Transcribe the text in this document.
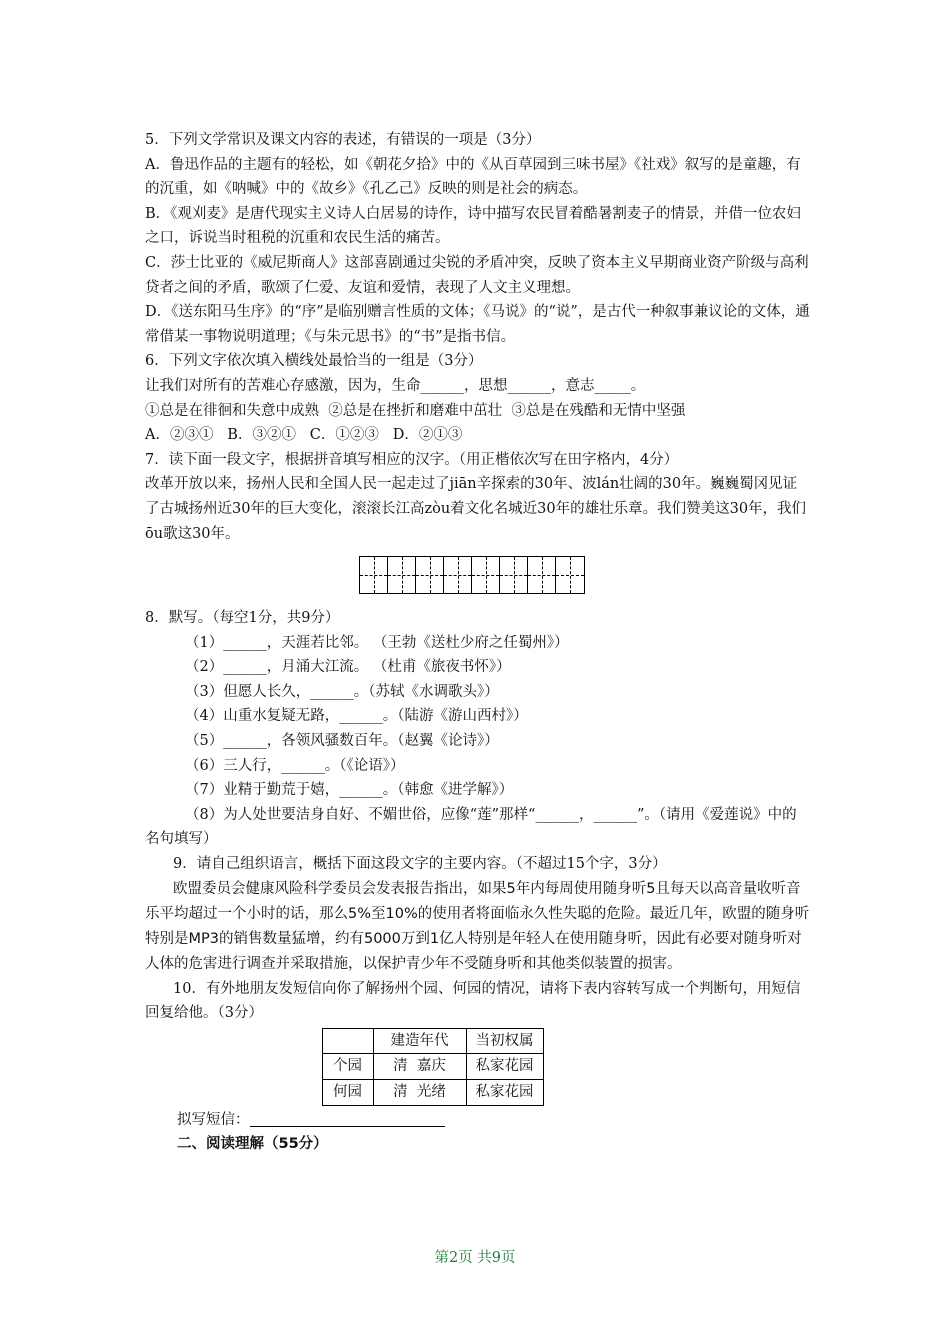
5．下列文学常识及课文内容的表述，有错误的一项是（3分）

A．鲁迅作品的主题有的轻松，如《朝花夕拾》中的《从百草园到三味书屋》《社戏》叙写的是童趣，有的沉重，如《呐喊》中的《故乡》《孔乙己》反映的则是社会的病态。

B．《观刈麦》是唐代现实主义诗人白居易的诗作，诗中描写农民冒着酷暑割麦子的情景，并借一位农妇之口，诉说当时租税的沉重和农民生活的痛苦。

C．莎士比亚的《威尼斯商人》这部喜剧通过尖锐的矛盾冲突，反映了资本主义早期商业资产阶级与高利贷者之间的矛盾，歌颂了仁爱、友谊和爱情，表现了人文主义理想。

D．《送东阳马生序》的“序”是临别赠言性质的文体；《马说》的“说”，是古代一种叙事兼议论的文体，通常借某一事物说明道理；《与朱元思书》的“书”是指书信。

6．下列文字依次填入横线处最恰当的一组是（3分）

让我们对所有的苦难心存感激，因为，生命______，思想______，意志_____。

①总是在徘徊和失意中成熟  ②总是在挫折和磨难中茁壮  ③总是在残酷和无情中坚强

A．②③①   B．③②①   C．①②③   D．②①③

7．读下面一段文字，根据拼音填写相应的汉字。（用正楷依次写在田字格内，4分）

改革开放以来，扬州人民和全国人民一起走过了jiān辛探索的30年、波lán壮阔的30年。巍巍蜀冈见证了古城扬州近30年的巨大变化，滚滚长江高zòu着文化名城近30年的雄壮乐章。我们赞美这30年，我们ōu歌这30年。

8．默写。（每空1分，共9分）

（1）______，天涯若比邻。 （王勃《送杜少府之任蜀州》）

（2）______，月涌大江流。 （杜甫《旅夜书怀》）

（3）但愿人长久，______。（苏轼《水调歌头》）

（4）山重水复疑无路，______。（陆游《游山西村》）

（5）______，各领风骚数百年。（赵翼《论诗》）

（6）三人行，______。（《论语》）

（7）业精于勤荒于嬉，______。（韩愈《进学解》）

（8）为人处世要洁身自好、不媚世俗，应像“莲”那样“______，______”。（请用《爱莲说》中的名句填写）

9．请自己组织语言，概括下面这段文字的主要内容。（不超过15个字，3分）

欧盟委员会健康风险科学委员会发表报告指出，如果5年内每周使用随身听5且每天以高音量收听音乐平均超过一个小时的话，那么5%至10%的使用者将面临永久性失聪的危险。最近几年，欧盟的随身听特别是MP3的销售数量猛增，约有5000万到1亿人特别是年轻人在使用随身听，因此有必要对随身听对人体的危害进行调查并采取措施，以保护青少年不受随身听和其他类似装置的损害。

10．有外地朋友发短信向你了解扬州个园、何园的情况，请将下表内容转写成一个判断句，用短信回复给他。（3分）

	建造年代	当初权属
个园	清  嘉庆	私家花园
何园	清  光绪	私家花园

拟写短信：

二、阅读理解（55分）

第2页 共9页
